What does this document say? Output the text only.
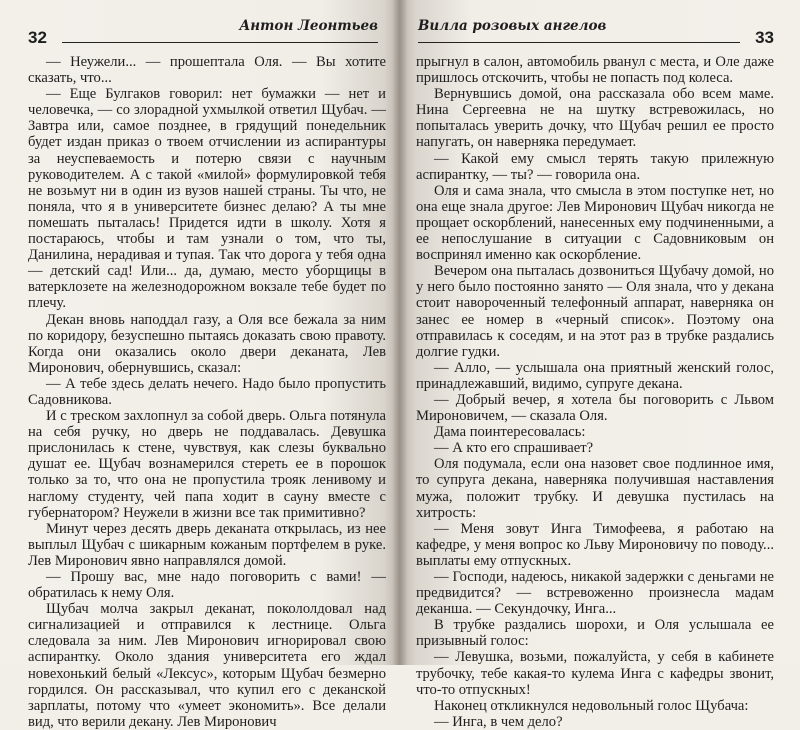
32
Антон Леонтьев

— Неужели... — прошептала Оля. — Вы хотите сказать, что...

— Еще Булгаков говорил: нет бумажки — нет и человечка, — со злорадной ухмылкой ответил Щубач. — Завтра или, самое позднее, в грядущий понедельник будет издан приказ о твоем отчислении из аспирантуры за неуспеваемость и потерю связи с научным руководителем. А с такой «милой» формулировкой тебя не возьмут ни в один из вузов нашей страны. Ты что, не поняла, что я в университете бизнес делаю? А ты мне помешать пыталась! Придется идти в школу. Хотя я постараюсь, чтобы и там узнали о том, что ты, Данилина, нерадивая и тупая. Так что дорога у тебя одна — детский сад! Или... да, думаю, место уборщицы в ватерклозете на железнодорожном вокзале тебе будет по плечу.

Декан вновь наподдал газу, а Оля все бежала за ним по коридору, безуспешно пытаясь доказать свою правоту. Когда они оказались около двери деканата, Лев Миронович, обернувшись, сказал:

— А тебе здесь делать нечего. Надо было пропустить Садовникова.

И с треском захлопнул за собой дверь. Ольга потянула на себя ручку, но дверь не поддавалась. Девушка прислонилась к стене, чувствуя, как слезы буквально душат ее. Щубач вознамерился стереть ее в порошок только за то, что она не пропустила трояк ленивому и наглому студенту, чей папа ходит в сауну вместе с губернатором? Неужели в жизни все так примитивно?

Минут через десять дверь деканата открылась, из нее выплыл Щубач с шикарным кожаным портфелем в руке. Лев Миронович явно направлялся домой.

— Прошу вас, мне надо поговорить с вами! — обратилась к нему Оля.

Щубач молча закрыл деканат, покололдовал над сигнализацией и отправился к лестнице. Ольга следовала за ним. Лев Миронович игнорировал свою аспирантку. Около здания университета его ждал новехонький белый «Лексус», которым Щубач безмерно гордился. Он рассказывал, что купил его с деканской зарплаты, потому что «умеет экономить». Все делали вид, что верили декану. Лев Миронович

Вилла розовых ангелов
33

прыгнул в салон, автомобиль рванул с места, и Оле даже пришлось отскочить, чтобы не попасть под колеса.

Вернувшись домой, она рассказала обо всем маме. Нина Сергеевна не на шутку встревожилась, но попыталась уверить дочку, что Щубач решил ее просто напугать, он наверняка передумает.

— Какой ему смысл терять такую прилежную аспирантку, — ты? — говорила она.

Оля и сама знала, что смысла в этом поступке нет, но она еще знала другое: Лев Миронович Щубач никогда не прощает оскорблений, нанесенных ему подчиненными, а ее непослушание в ситуации с Садовниковым он воспринял именно как оскорбление.

Вечером она пыталась дозвониться Щубачу домой, но у него было постоянно занято — Оля знала, что у декана стоит навороченный телефонный аппарат, наверняка он занес ее номер в «черный список». Поэтому она отправилась к соседям, и на этот раз в трубке раздались долгие гудки.

— Алло, — услышала она приятный женский голос, принадлежавший, видимо, супруге декана.

— Добрый вечер, я хотела бы поговорить с Львом Мироновичем, — сказала Оля.

Дама поинтересовалась:

— А кто его спрашивает?

Оля подумала, если она назовет свое подлинное имя, то супруга декана, наверняка получившая наставления мужа, положит трубку. И девушка пустилась на хитрость:

— Меня зовут Инга Тимофеева, я работаю на кафедре, у меня вопрос ко Льву Мироновичу по поводу... выплаты ему отпускных.

— Господи, надеюсь, никакой задержки с деньгами не предвидится? — встревоженно произнесла мадам деканша. — Секундочку, Инга...

В трубке раздались шорохи, и Оля услышала ее призывный голос:

— Левушка, возьми, пожалуйста, у себя в кабинете трубочку, тебе какая-то кулема Инга с кафедры звонит, что-то отпускных!

Наконец откликнулся недовольный голос Щубача:

— Инга, в чем дело?
